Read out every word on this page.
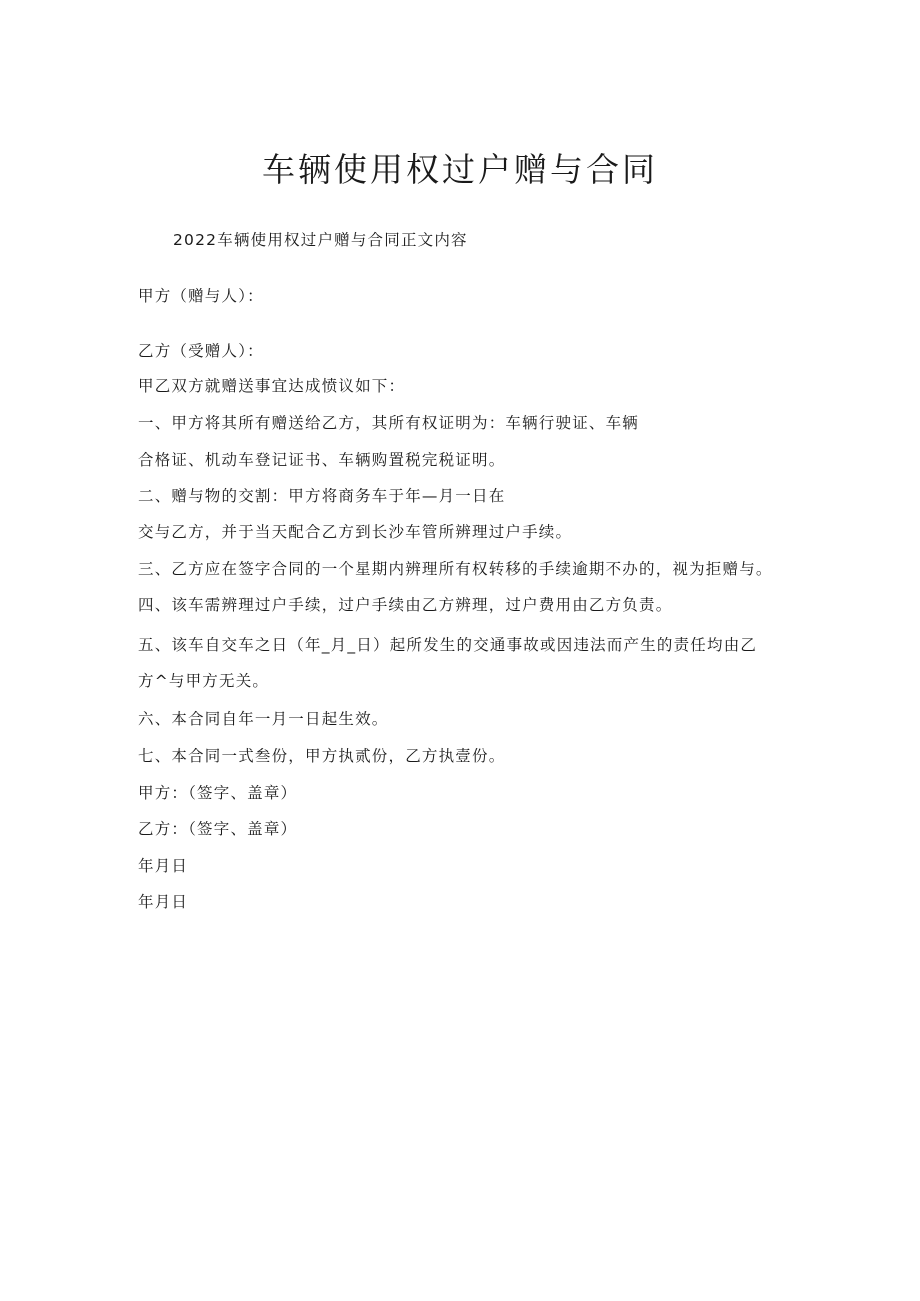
车辆使用权过户赠与合同
2022车辆使用权过户赠与合同正文内容
甲方（赠与人）：
乙方（受赠人）：
甲乙双方就赠送事宜达成愤议如下：
一、甲方将其所有赠送给乙方，其所有权证明为：车辆行驶证、车辆
合格证、机动车登记证书、车辆购置税完税证明。
二、赠与物的交割：甲方将商务车于年—月一日在
交与乙方，并于当天配合乙方到长沙车管所辨理过户手续。
三、乙方应在签字合同的一个星期内辨理所有权转移的手续逾期不办的，视为拒赠与。
四、该车需辨理过户手续，过户手续由乙方辨理，过户费用由乙方负责。
五、该车自交车之日（年_月_日）起所发生的交通事故或因违法而产生的责任均由乙
方^与甲方无关。
六、本合同自年一月一日起生效。
七、本合同一式叁份，甲方执贰份，乙方执壹份。
甲方：（签字、盖章）
乙方：（签字、盖章）
年月日
年月日
